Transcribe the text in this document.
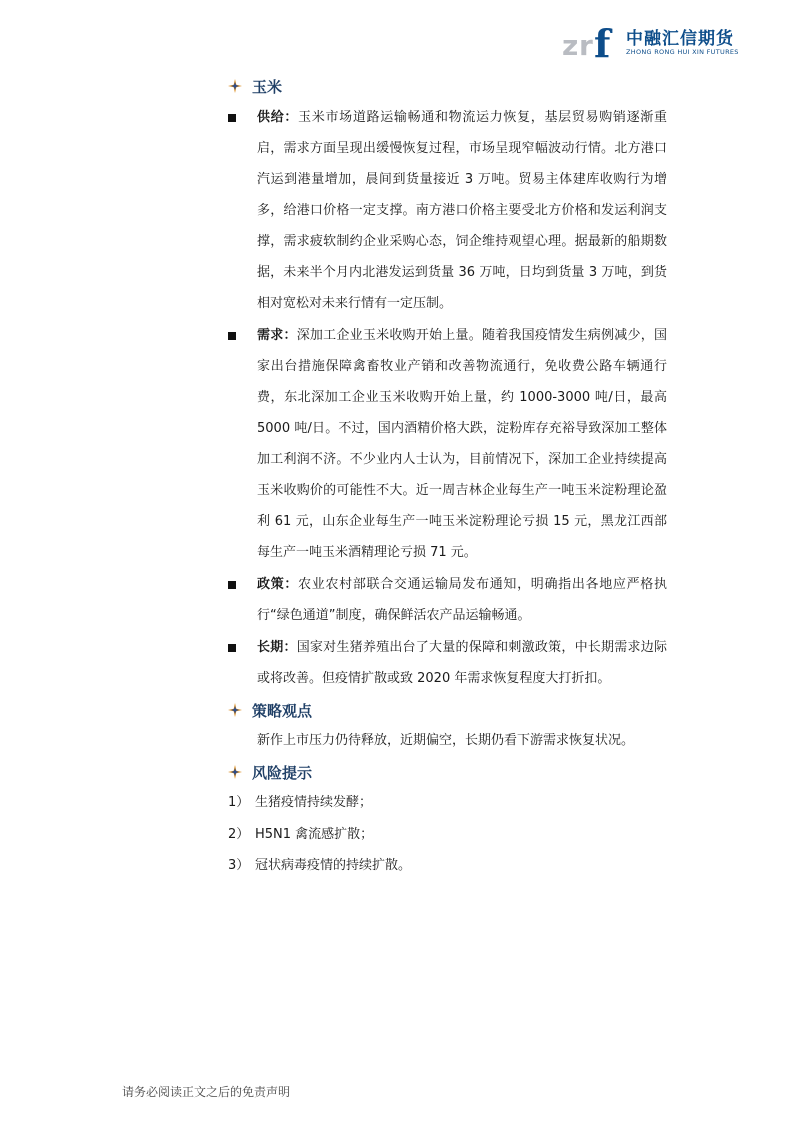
z r f 中融汇信期货
ZHONG RONG HUI XIN FUTURES
玉米
供给：玉米市场道路运输畅通和物流运力恢复，基层贸易购销逐渐重启，需求方面呈现出缓慢恢复过程，市场呈现窄幅波动行情。北方港口汽运到港量增加，晨间到货量接近 3 万吨。贸易主体建库收购行为增多，给港口价格一定支撑。南方港口价格主要受北方价格和发运利润支撑，需求疲软制约企业采购心态，饲企维持观望心理。据最新的船期数据，未来半个月内北港发运到货量 36 万吨，日均到货量 3 万吨，到货相对宽松对未来行情有一定压制。
需求：深加工企业玉米收购开始上量。随着我国疫情发生病例减少，国家出台措施保障禽畜牧业产销和改善物流通行，免收费公路车辆通行费，东北深加工企业玉米收购开始上量，约 1000-3000 吨/日，最高 5000 吨/日。不过，国内酒精价格大跌，淀粉库存充裕导致深加工整体加工利润不济。不少业内人士认为，目前情况下，深加工企业持续提高玉米收购价的可能性不大。近一周吉林企业每生产一吨玉米淀粉理论盈利 61 元，山东企业每生产一吨玉米淀粉理论亏损 15 元，黑龙江西部每生产一吨玉米酒精理论亏损 71 元。
政策：农业农村部联合交通运输局发布通知，明确指出各地应严格执行“绿色通道”制度，确保鲜活农产品运输畅通。
长期：国家对生猪养殖出台了大量的保障和刺激政策，中长期需求边际或将改善。但疫情扩散或致 2020 年需求恢复程度大打折扣。
策略观点
新作上市压力仍待释放，近期偏空，长期仍看下游需求恢复状况。
风险提示
1） 生猪疫情持续发酵；
2） H5N1 禽流感扩散；
3） 冠状病毒疫情的持续扩散。
请务必阅读正文之后的免责声明
